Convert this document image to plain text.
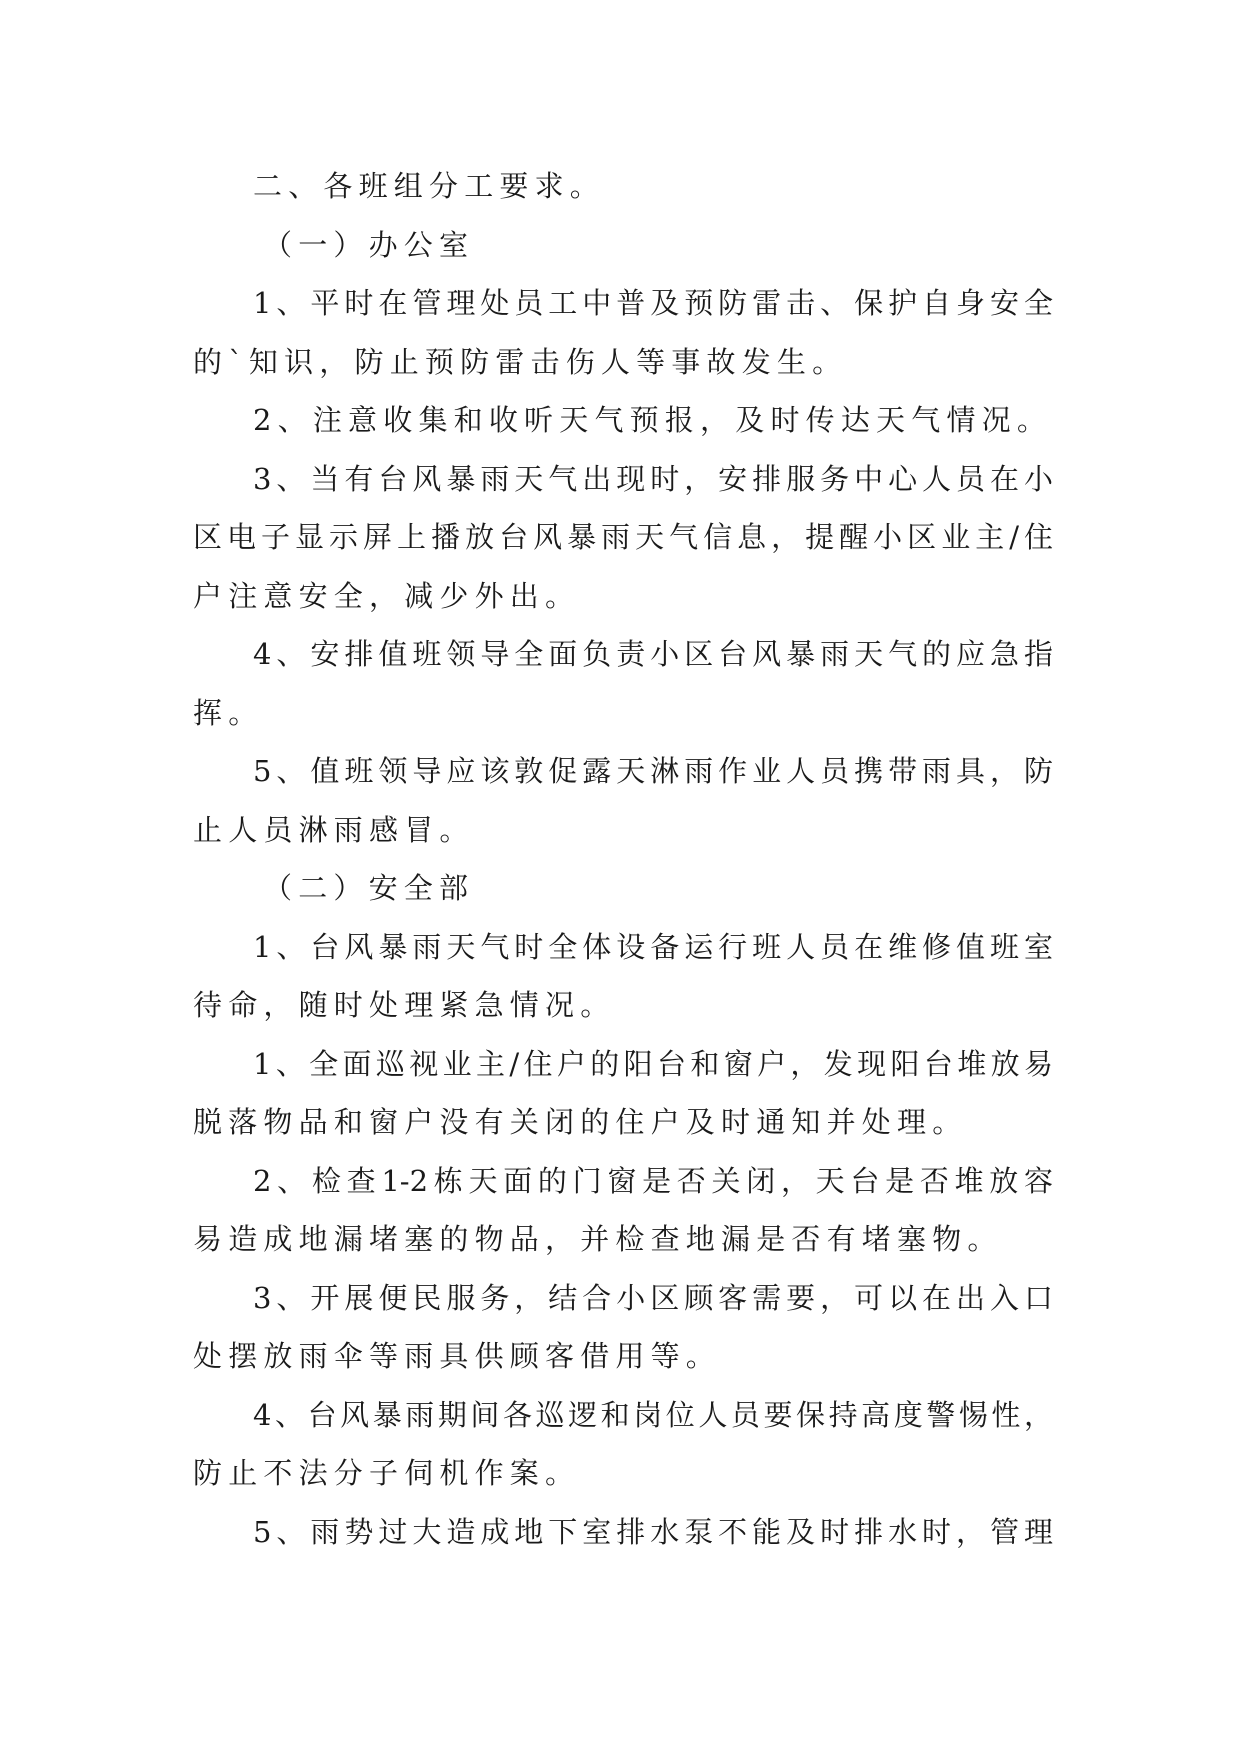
二、各班组分工要求。
（一）办公室
1、平时在管理处员工中普及预防雷击、保护自身安全
的`知识，防止预防雷击伤人等事故发生。
2、注意收集和收听天气预报，及时传达天气情况。
3、当有台风暴雨天气出现时，安排服务中心人员在小
区电子显示屏上播放台风暴雨天气信息，提醒小区业主/住
户注意安全，减少外出。
4、安排值班领导全面负责小区台风暴雨天气的应急指
挥。
5、值班领导应该敦促露天淋雨作业人员携带雨具，防
止人员淋雨感冒。
（二）安全部
1、台风暴雨天气时全体设备运行班人员在维修值班室
待命，随时处理紧急情况。
1、全面巡视业主/住户的阳台和窗户，发现阳台堆放易
脱落物品和窗户没有关闭的住户及时通知并处理。
2、检查1-2栋天面的门窗是否关闭，天台是否堆放容
易造成地漏堵塞的物品，并检查地漏是否有堵塞物。
3、开展便民服务，结合小区顾客需要，可以在出入口
处摆放雨伞等雨具供顾客借用等。
4、台风暴雨期间各巡逻和岗位人员要保持高度警惕性，
防止不法分子伺机作案。
5、雨势过大造成地下室排水泵不能及时排水时，管理
